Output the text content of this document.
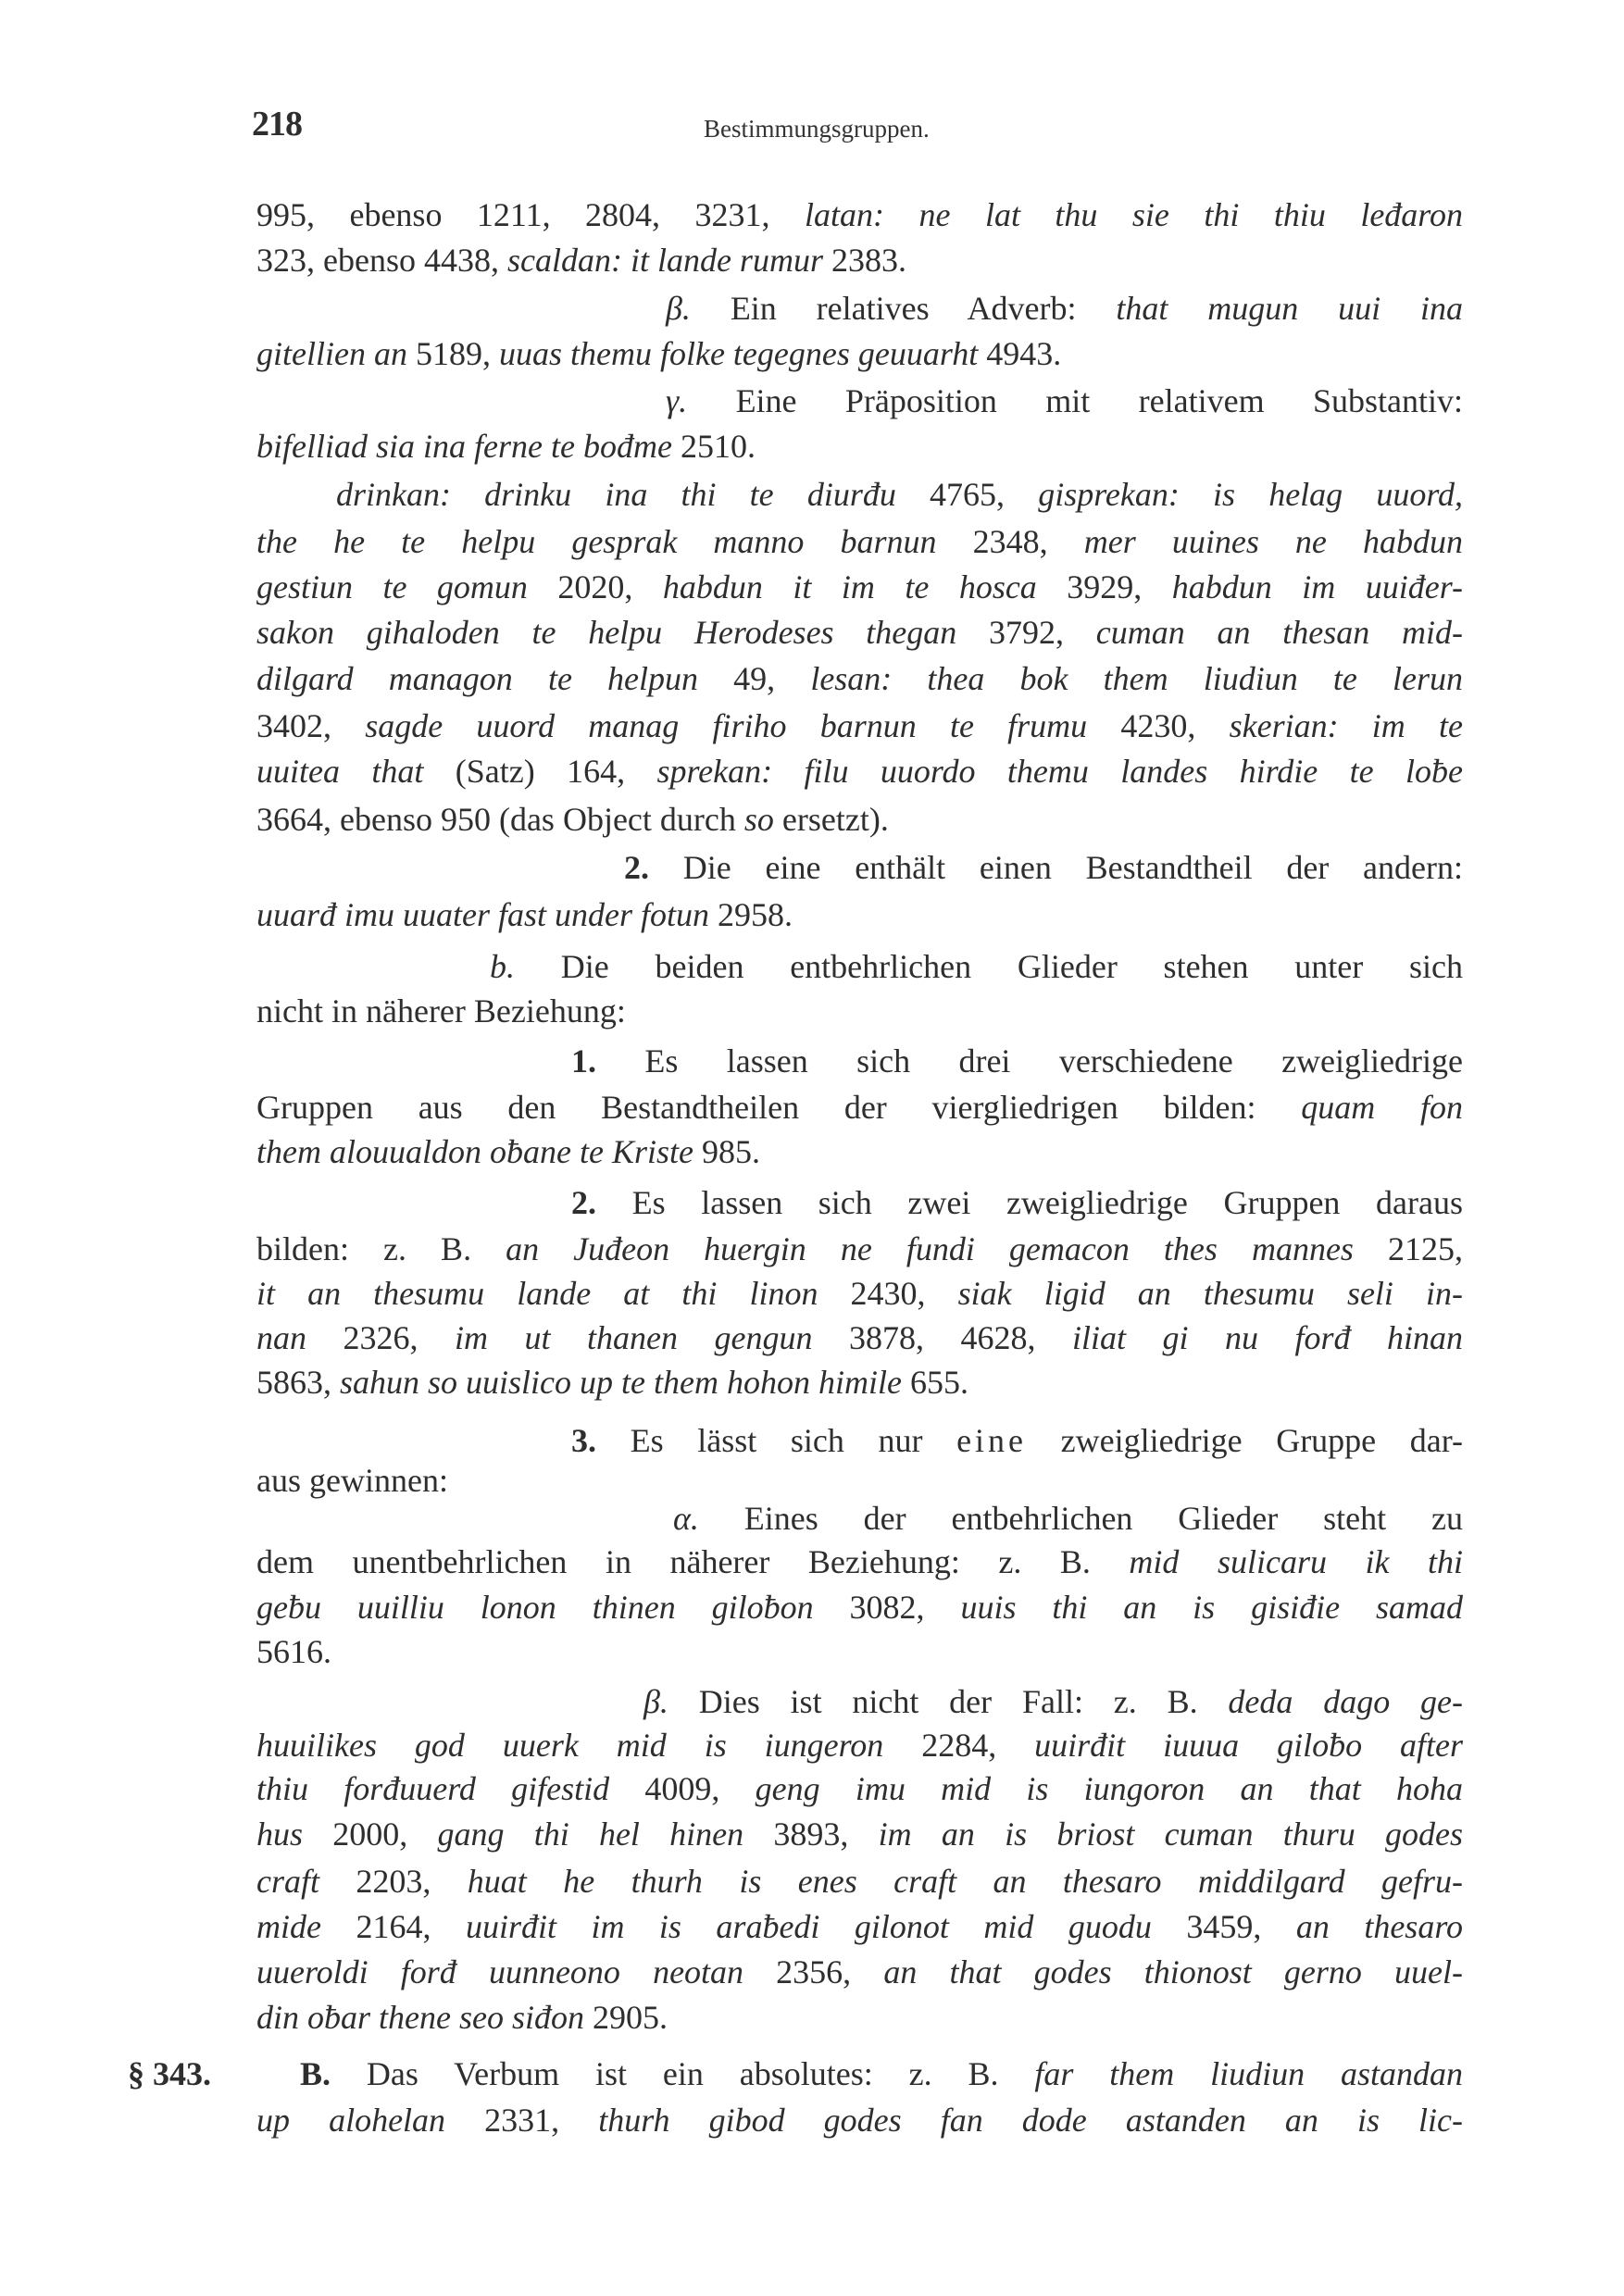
218	Bestimmungsgruppen.
§ 343.
995, ebenso 1211, 2804, 3231, latan: ne lat thu sie thi thiu leđaron
323, ebenso 4438, scaldan: it lande rumur 2383.
β. Ein relatives Adverb: that mugun uui ina
gitellien an 5189, uuas themu folke tegegnes geuuarht 4943.
γ. Eine Präposition mit relativem Substantiv:
bifelliad sia ina ferne te bođme 2510.
drinkan: drinku ina thi te diurđu 4765, gisprekan: is helag uuord,
the he te helpu gesprak manno barnun 2348, mer uuines ne habdun
gestiun te gomun 2020, habdun it im te hosca 3929, habdun im uuiđer-
sakon gihaloden te helpu Herodeses thegan 3792, cuman an thesan mid-
dilgard managon te helpun 49, lesan: thea bok them liudiun te lerun
3402, sagde uuord manag firiho barnun te frumu 4230, skerian: im te
uuitea that (Satz) 164, sprekan: filu uuordo themu landes hirdie te loƀe
3664, ebenso 950 (das Object durch so ersetzt).
2. Die eine enthält einen Bestandtheil der andern:
uuarđ imu uuater fast under fotun 2958.
b. Die beiden entbehrlichen Glieder stehen unter sich
nicht in näherer Beziehung:
1. Es lassen sich drei verschiedene zweigliedrige
Gruppen aus den Bestandtheilen der viergliedrigen bilden: quam fon
them alouualdon oƀane te Kriste 985.
2. Es lassen sich zwei zweigliedrige Gruppen daraus
bilden: z. B. an Juđeon huergin ne fundi gemacon thes mannes 2125,
it an thesumu lande at thi linon 2430, siak ligid an thesumu seli in-
nan 2326, im ut thanen gengun 3878, 4628, iliat gi nu forđ hinan
5863, sahun so uuislico up te them hohon himile 655.
3. Es lässt sich nur eine zweigliedrige Gruppe dar-
aus gewinnen:
α. Eines der entbehrlichen Glieder steht zu
dem unentbehrlichen in näherer Beziehung: z. B. mid sulicaru ik thi
geƀu uuilliu lonon thinen giloƀon 3082, uuis thi an is gisiđie samad
5616.
β. Dies ist nicht der Fall: z. B. deda dago ge-
huuilikes god uuerk mid is iungeron 2284, uuirđit iuuua giloƀo after
thiu forđuuerd gifestid 4009, geng imu mid is iungoron an that hoha
hus 2000, gang thi hel hinen 3893, im an is briost cuman thuru godes
craft 2203, huat he thurh is enes craft an thesaro middilgard gefru-
mide 2164, uuirđit im is araƀedi gilonot mid guodu 3459, an thesaro
uueroldi forđ uunneono neotan 2356, an that godes thionost gerno uuel-
din oƀar thene seo siđon 2905.
B. Das Verbum ist ein absolutes: z. B. far them liudiun astandan
up alohelan 2331, thurh gibod godes fan dode astanden an is lic-
